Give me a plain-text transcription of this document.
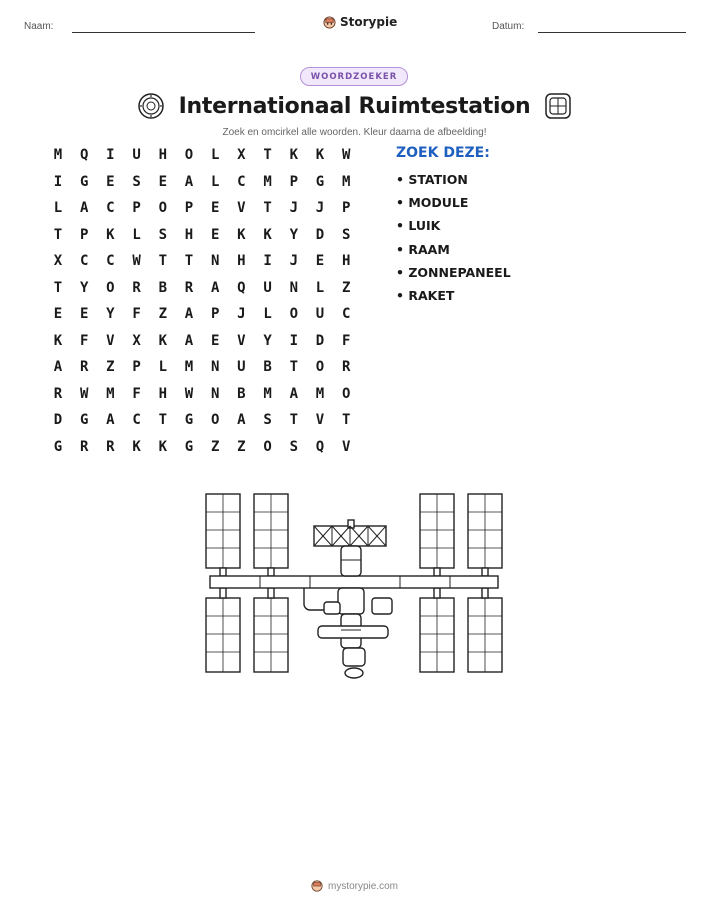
Naam:	Storypie	Datum:
WOORDZOEKER
Internationaal Ruimtestation
Zoek en omcirkel alle woorden. Kleur daarna de afbeelding!
M	Q	I	U	H	O	L	X	T	K	K	W
I	G	E	S	E	A	L	C	M	P	G	M
L	A	C	P	O	P	E	V	T	J	J	P
T	P	K	L	S	H	E	K	K	Y	D	S
X	C	C	W	T	T	N	H	I	J	E	H
T	Y	O	R	B	R	A	Q	U	N	L	Z
E	E	Y	F	Z	A	P	J	L	O	U	C
K	F	V	X	K	A	E	V	Y	I	D	F
A	R	Z	P	L	M	N	U	B	T	O	R
R	W	M	F	H	W	N	B	M	A	M	O
D	G	A	C	T	G	O	A	S	T	V	T
G	R	R	K	K	G	Z	Z	O	S	Q	V
ZOEK DEZE:
• STATION
• MODULE
• LUIK
• RAAM
• ZONNEPANEEL
• RAKET
mystorypie.com
